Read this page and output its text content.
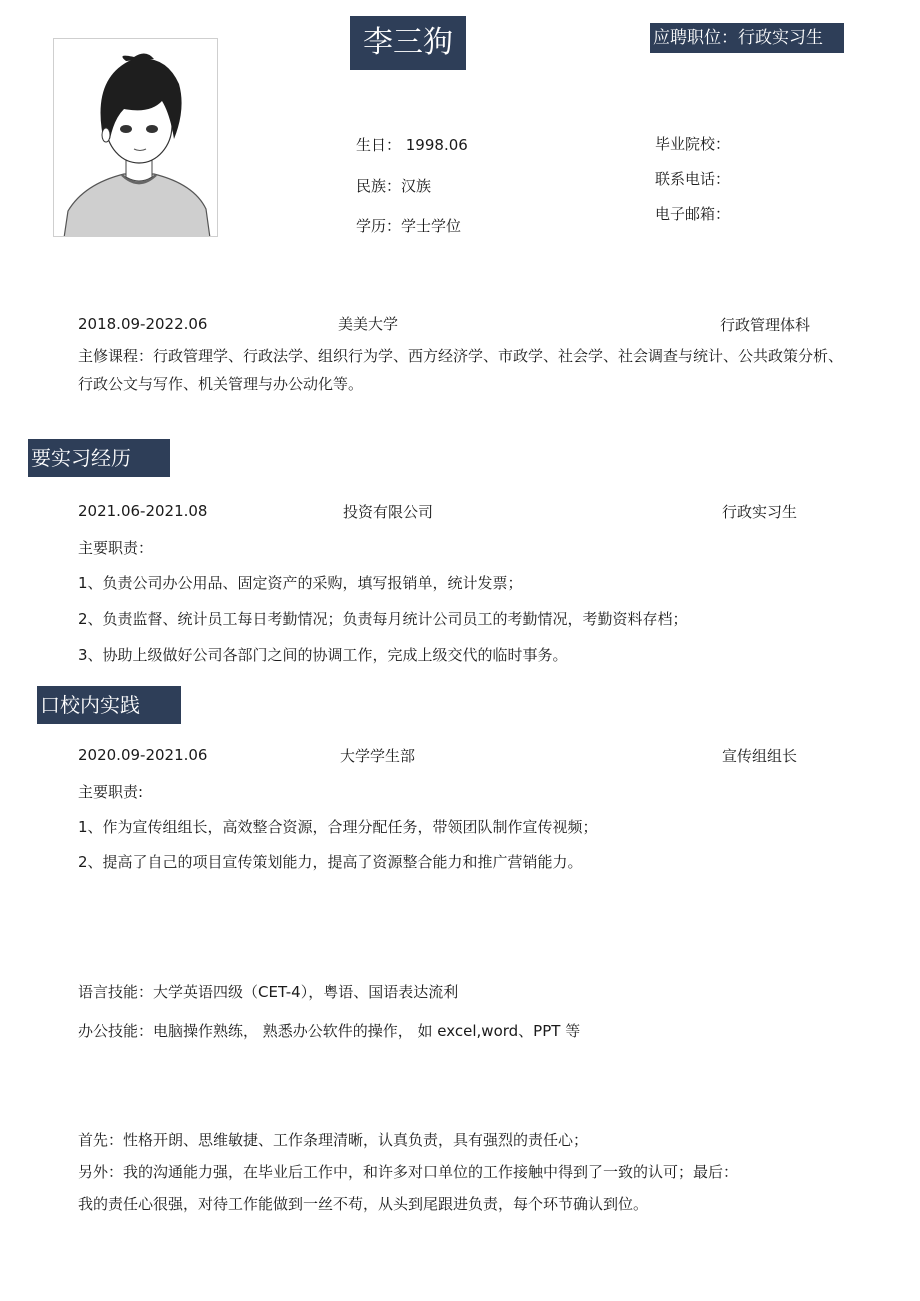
李三狗	应聘职位：行政实习生
生日： 1998.06
民族：汉族
学历：学士学位
毕业院校：
联系电话：
电子邮箱：
2018.09-2022.06	美美大学	行政管理体科
主修课程：行政管理学、行政法学、组织行为学、西方经济学、市政学、社会学、社会调查与统计、公共政策分析、行政公文与写作、机关管理与办公动化等。
要实习经历
2021.06-2021.08	投资有限公司	行政实习生
主要职责：
1、负责公司办公用品、固定资产的采购，填写报销单，统计发票；
2、负责监督、统计员工每日考勤情况；负责每月统计公司员工的考勤情况，考勤资料存档；
3、协助上级做好公司各部门之间的协调工作，完成上级交代的临时事务。
口校内实践
2020.09-2021.06	大学学生部	宣传组组长
主要职责:
1、作为宣传组组长，高效整合资源，合理分配任务，带领团队制作宣传视频；
2、提高了自己的项目宣传策划能力，提高了资源整合能力和推广营销能力。
语言技能：大学英语四级（CET-4），粤语、国语表达流利
办公技能：电脑操作熟练， 熟悉办公软件的操作， 如 excel,word、PPT 等
首先：性格开朗、思维敏捷、工作条理清晰，认真负责，具有强烈的责任心；
另外：我的沟通能力强，在毕业后工作中，和许多对口单位的工作接触中得到了一致的认可；最后：
我的责任心很强，对待工作能做到一丝不苟，从头到尾跟进负责，每个环节确认到位。
